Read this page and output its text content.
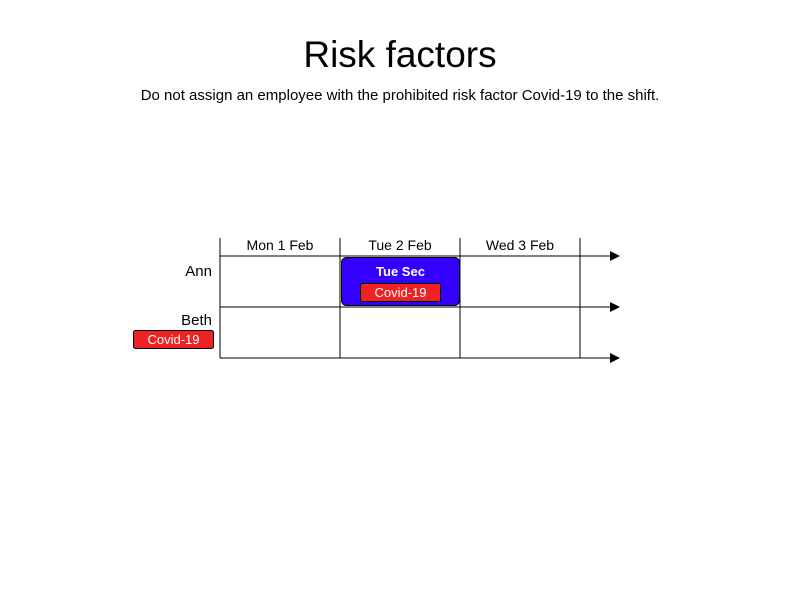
Risk factors
Do not assign an employee with the prohibited risk factor Covid-19 to the shift.
Mon 1 Feb	Tue 2 Feb	Wed 3 Feb
Ann
Beth
Covid-19
Tue Sec
Covid-19
